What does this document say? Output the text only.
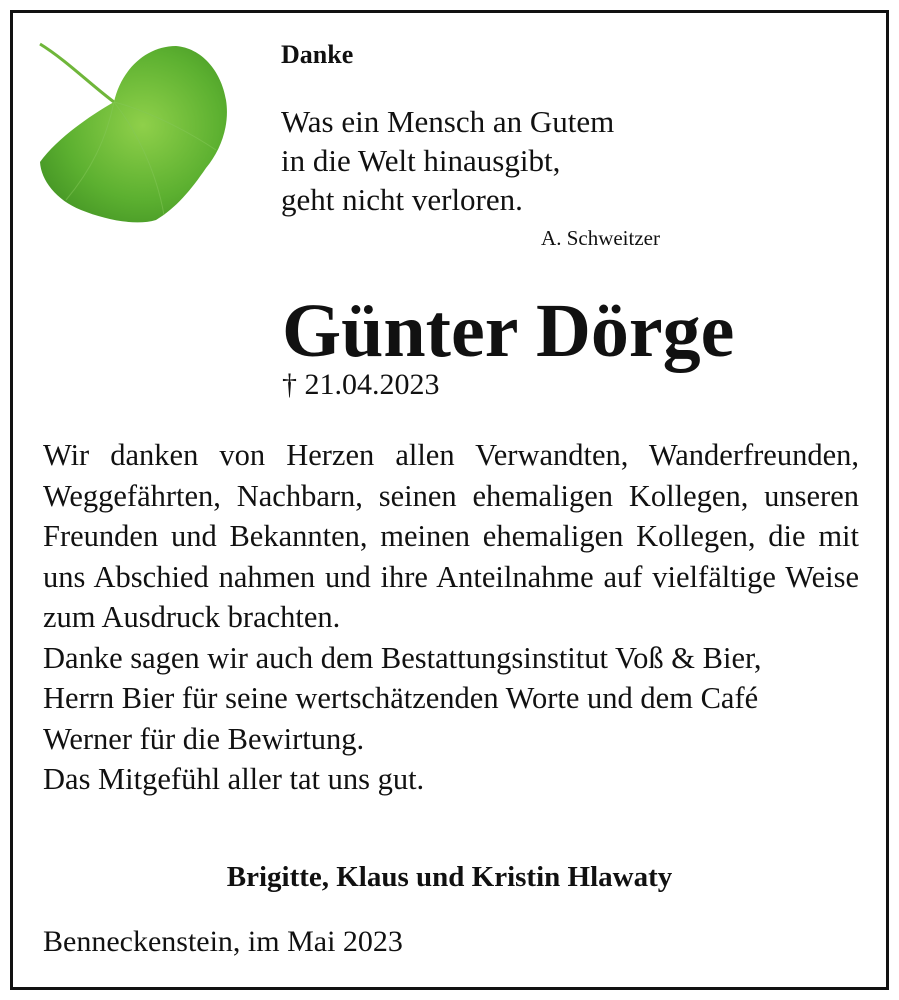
Danke
Was ein Mensch an Gutem
in die Welt hinausgibt,
geht nicht verloren.
A. Schweitzer
Günter Dörge
† 21.04.2023
Wir danken von Herzen allen Verwandten, Wanderfreunden, Weggefährten, Nachbarn, seinen ehemaligen Kollegen, unseren Freunden und Bekannten, meinen ehemaligen Kollegen, die mit uns Abschied nahmen und ihre Anteilnahme auf vielfältige Weise zum Ausdruck brachten.
Danke sagen wir auch dem Bestattungsinstitut Voß & Bier,
Herrn Bier für seine wertschätzenden Worte und dem Café
Werner für die Bewirtung.
Das Mitgefühl aller tat uns gut.
Brigitte, Klaus und Kristin Hlawaty
Benneckenstein, im Mai 2023
